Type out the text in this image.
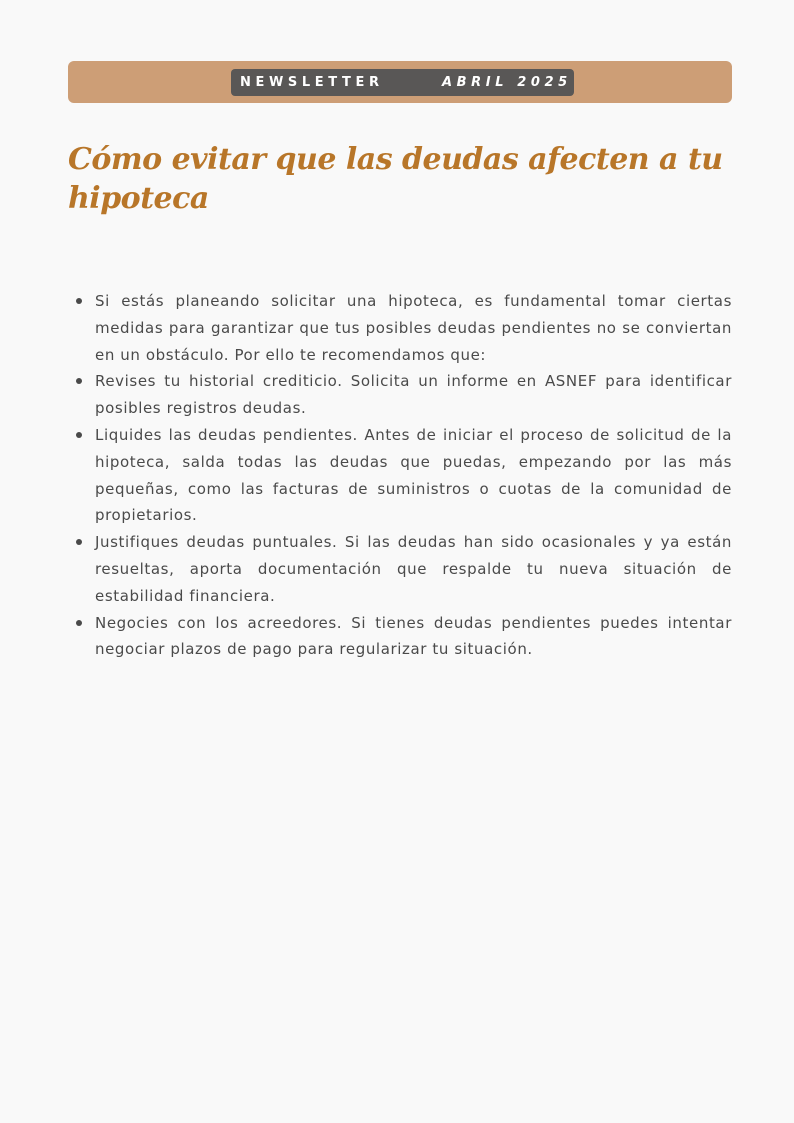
NEWSLETTER	ABRIL 2025
Cómo evitar que las deudas afecten a tu hipoteca
Si estás planeando solicitar una hipoteca, es fundamental tomar ciertas medidas para garantizar que tus posibles deudas pendientes no se conviertan en un obstáculo. Por ello te recomendamos que:
Revises tu historial crediticio. Solicita un informe en ASNEF para identificar posibles registros deudas.
Liquides las deudas pendientes. Antes de iniciar el proceso de solicitud de la hipoteca, salda todas las deudas que puedas, empezando por las más pequeñas, como las facturas de suministros o cuotas de la comunidad de propietarios.
Justifiques deudas puntuales. Si las deudas han sido ocasionales y ya están resueltas, aporta documentación que respalde tu nueva situación de estabilidad financiera.
Negocies con los acreedores. Si tienes deudas pendientes puedes intentar negociar plazos de pago para regularizar tu situación.
